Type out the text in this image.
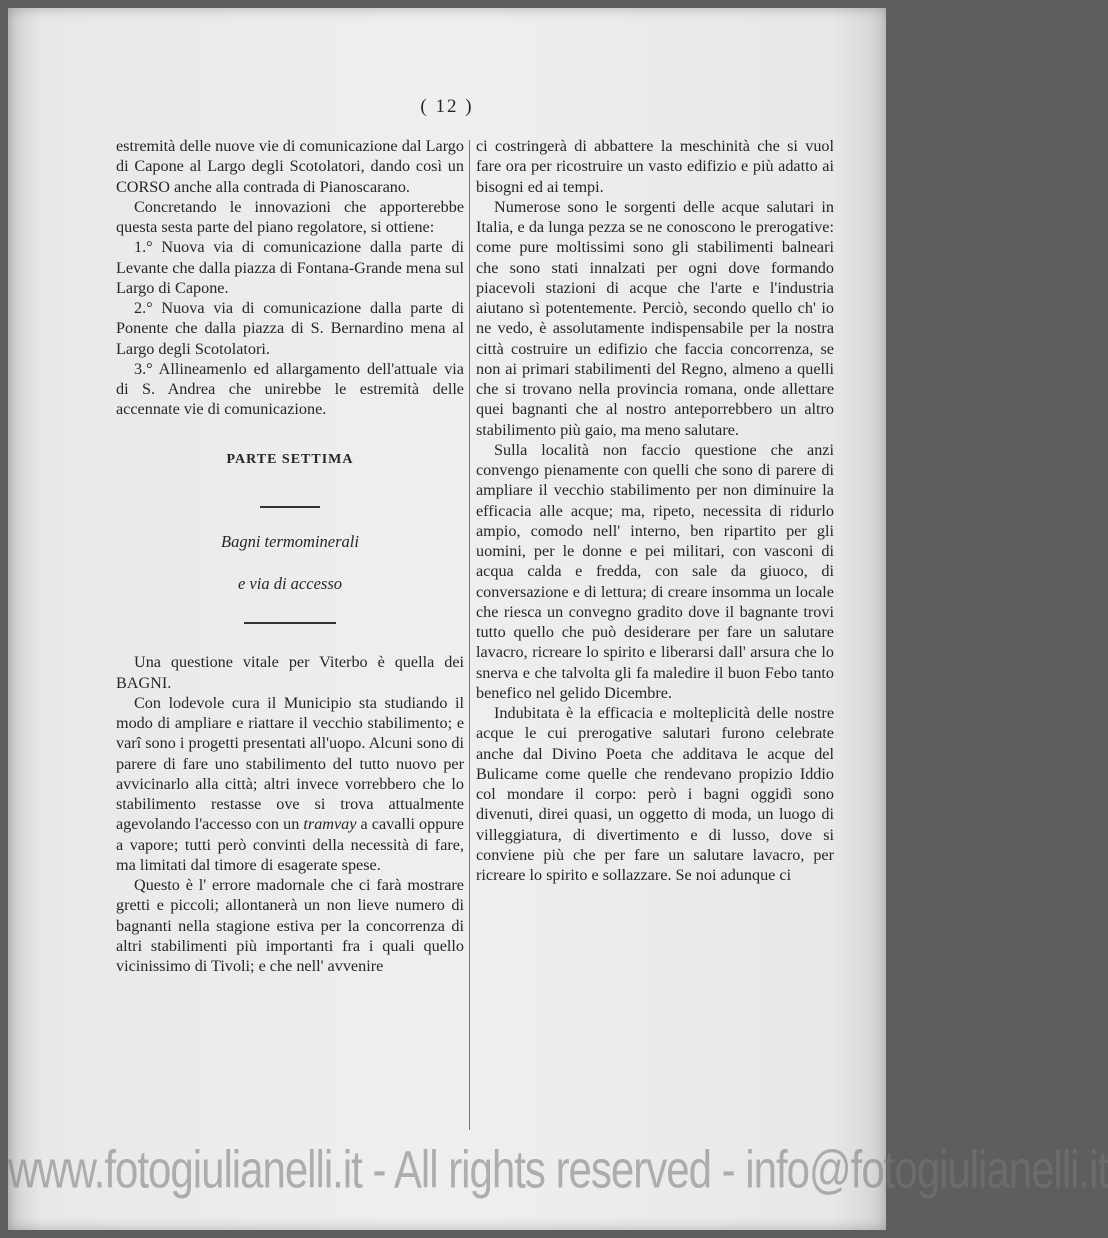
( 12 )

estremità delle nuove vie di comunicazione dal Largo di Capone al Largo degli Scotolatori, dando così un CORSO anche alla contrada di Pianoscarano.

Concretando le innovazioni che apporterebbe questa sesta parte del piano regolatore, si ottiene:

1.° Nuova via di comunicazione dalla parte di Levante che dalla piazza di Fontana-Grande mena sul Largo di Capone.

2.° Nuova via di comunicazione dalla parte di Ponente che dalla piazza di S. Bernardino mena al Largo degli Scotolatori.

3.° Allineamenlo ed allargamento dell'attuale via di S. Andrea che unirebbe le estremità delle accennate vie di comunicazione.

PARTE SETTIMA
Bagni termominerali
e via di accesso

Una questione vitale per Viterbo è quella dei BAGNI.

Con lodevole cura il Municipio sta studiando il modo di ampliare e riattare il vecchio stabilimento; e varî sono i progetti presentati all'uopo. Alcuni sono di parere di fare uno stabilimento del tutto nuovo per avvicinarlo alla città; altri invece vorrebbero che lo stabilimento restasse ove si trova attualmente agevolando l'accesso con un tramvay a cavalli oppure a vapore; tutti però convinti della necessità di fare, ma limitati dal timore di esagerate spese.

Questo è l' errore madornale che ci farà mostrare gretti e piccoli; allontanerà un non lieve numero di bagnanti nella stagione estiva per la concorrenza di altri stabilimenti più importanti fra i quali quello vicinissimo di Tivoli; e che nell' avvenire

ci costringerà di abbattere la meschinità che si vuol fare ora per ricostruire un vasto edifizio e più adatto ai bisogni ed ai tempi.

Numerose sono le sorgenti delle acque salutari in Italia, e da lunga pezza se ne conoscono le prerogative: come pure moltissimi sono gli stabilimenti balneari che sono stati innalzati per ogni dove formando piacevoli stazioni di acque che l'arte e l'industria aiutano sì potentemente. Perciò, secondo quello ch' io ne vedo, è assolutamente indispensabile per la nostra città costruire un edifizio che faccia concorrenza, se non ai primari stabilimenti del Regno, almeno a quelli che si trovano nella provincia romana, onde allettare quei bagnanti che al nostro anteporrebbero un altro stabilimento più gaio, ma meno salutare.

Sulla località non faccio questione che anzi convengo pienamente con quelli che sono di parere di ampliare il vecchio stabilimento per non diminuire la efficacia alle acque; ma, ripeto, necessita di ridurlo ampio, comodo nell' interno, ben ripartito per gli uomini, per le donne e pei militari, con vasconi di acqua calda e fredda, con sale da giuoco, di conversazione e di lettura; di creare insomma un locale che riesca un convegno gradito dove il bagnante trovi tutto quello che può desiderare per fare un salutare lavacro, ricreare lo spirito e liberarsi dall' arsura che lo snerva e che talvolta gli fa maledire il buon Febo tanto benefico nel gelido Dicembre.

Indubitata è la efficacia e molteplicità delle nostre acque le cui prerogative salutari furono celebrate anche dal Divino Poeta che additava le acque del Bulicame come quelle che rendevano propizio Iddio col mondare il corpo: però i bagni oggidì sono divenuti, direi quasi, un oggetto di moda, un luogo di villeggiatura, di divertimento e di lusso, dove si conviene più che per fare un salutare lavacro, per ricreare lo spirito e sollazzare. Se noi adunque ci

www.fotogiulianelli.it - All rights reserved - info@fotogiulianelli.it
